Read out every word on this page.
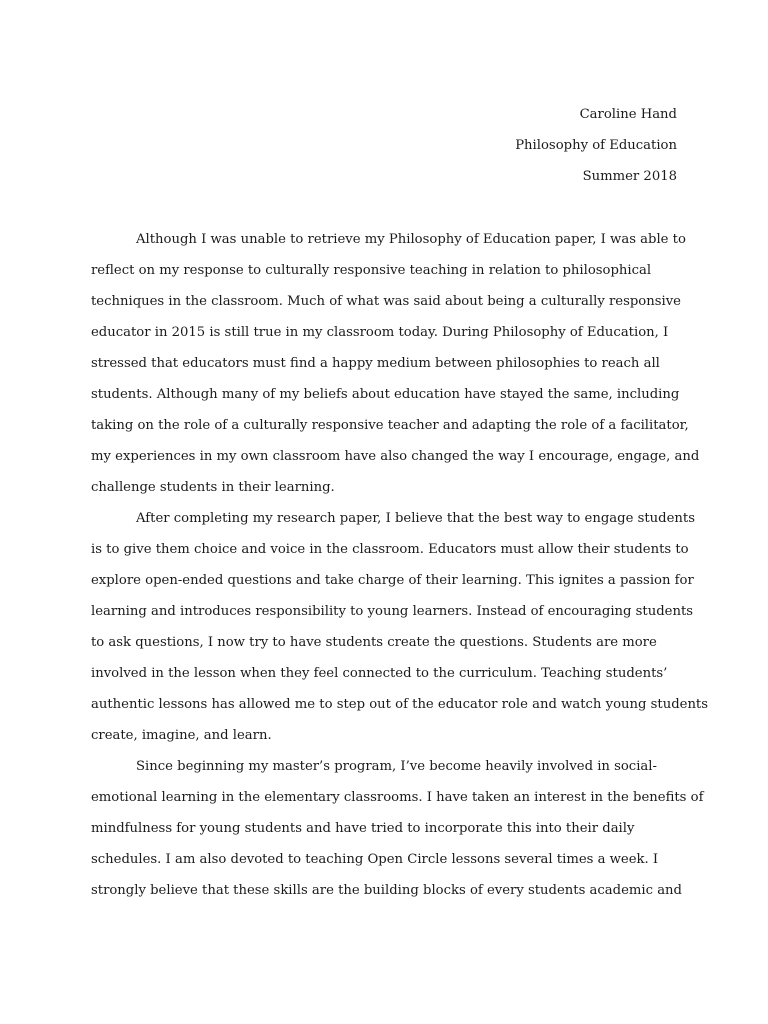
Caroline Hand
Philosophy of Education
Summer 2018
Although I was unable to retrieve my Philosophy of Education paper, I was able to
reflect on my response to culturally responsive teaching in relation to philosophical
techniques in the classroom. Much of what was said about being a culturally responsive
educator in 2015 is still true in my classroom today. During Philosophy of Education, I
stressed that educators must find a happy medium between philosophies to reach all
students. Although many of my beliefs about education have stayed the same, including
taking on the role of a culturally responsive teacher and adapting the role of a facilitator,
my experiences in my own classroom have also changed the way I encourage, engage, and
challenge students in their learning.
After completing my research paper, I believe that the best way to engage students
is to give them choice and voice in the classroom. Educators must allow their students to
explore open-ended questions and take charge of their learning. This ignites a passion for
learning and introduces responsibility to young learners. Instead of encouraging students
to ask questions, I now try to have students create the questions. Students are more
involved in the lesson when they feel connected to the curriculum. Teaching students’
authentic lessons has allowed me to step out of the educator role and watch young students
create, imagine, and learn.
Since beginning my master’s program, I’ve become heavily involved in social-
emotional learning in the elementary classrooms. I have taken an interest in the benefits of
mindfulness for young students and have tried to incorporate this into their daily
schedules. I am also devoted to teaching Open Circle lessons several times a week. I
strongly believe that these skills are the building blocks of every students academic and
